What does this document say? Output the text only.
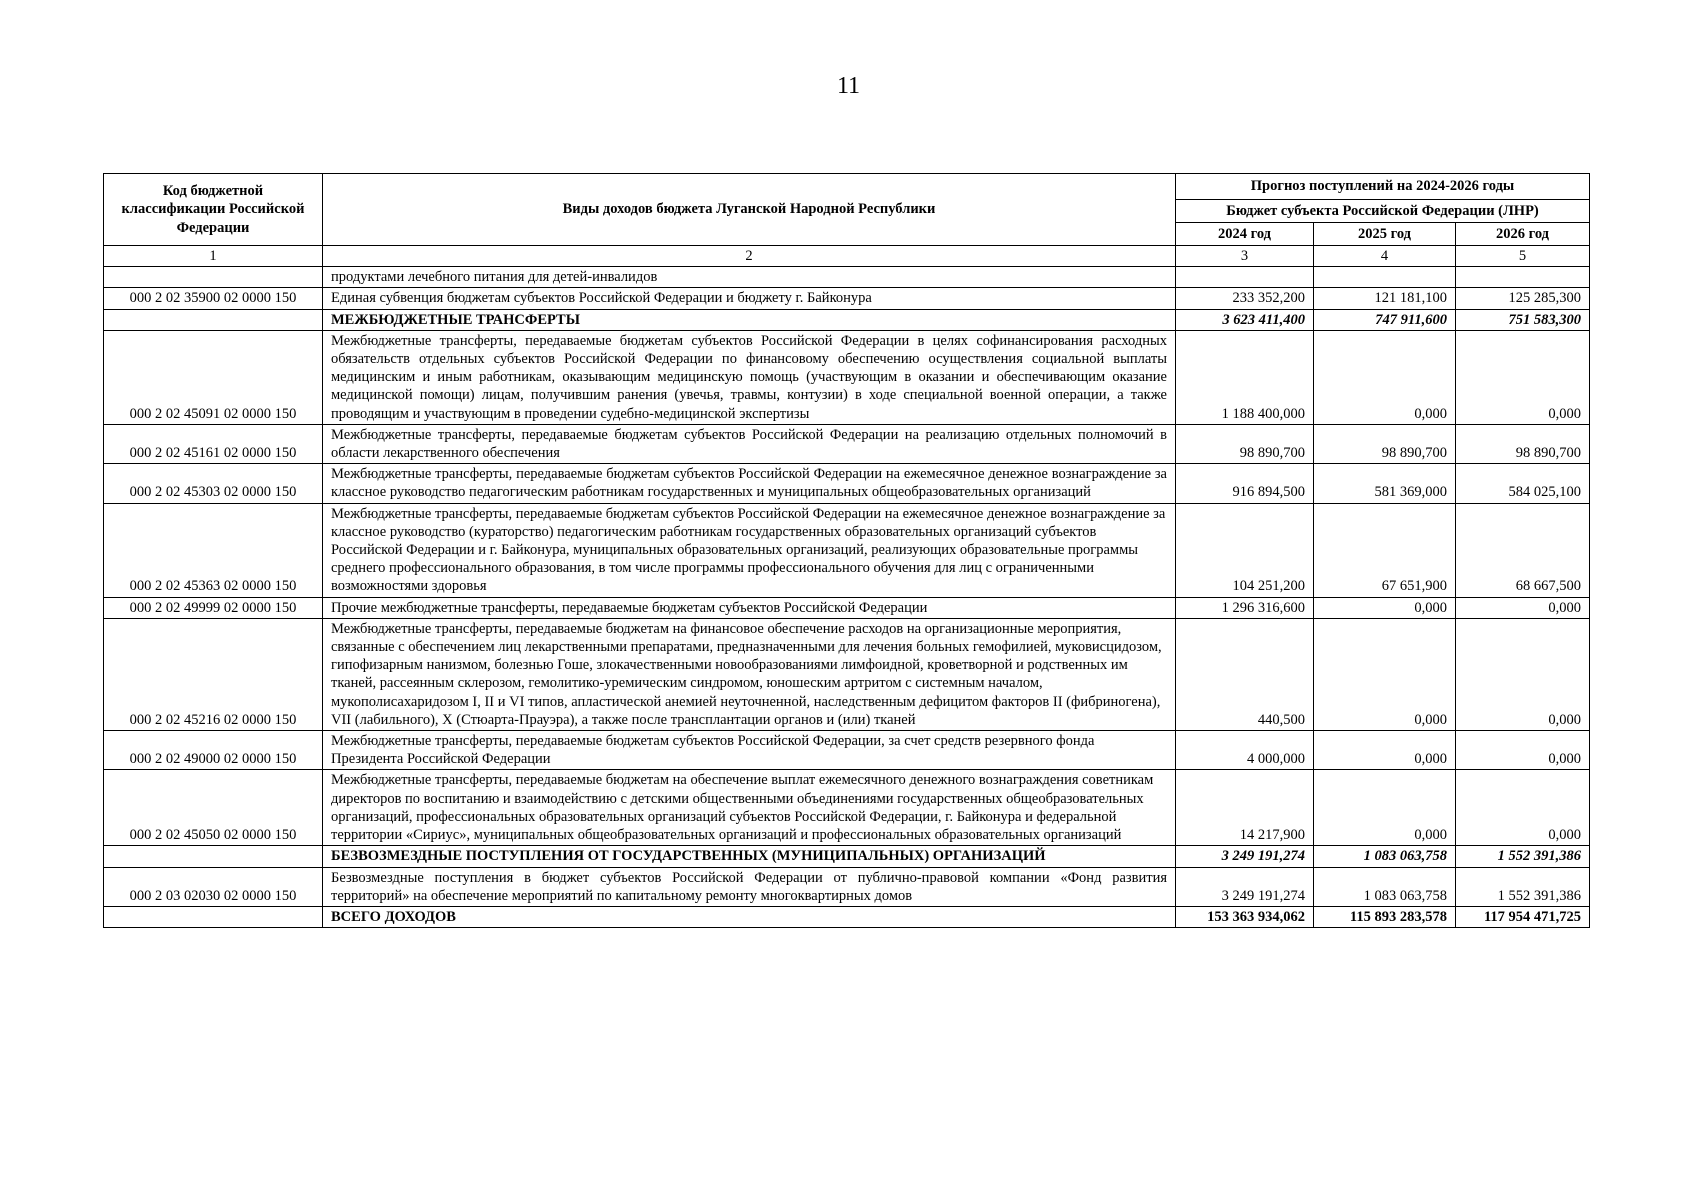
11
Код бюджетной классификации Российской Федерации	Виды доходов бюджета Луганской Народной Республики	Прогноз поступлений на 2024-2026 годы		
		Бюджет субъекта Российской Федерации (ЛНР)		
		2024 год	2025 год	2026 год
1	2	3	4	5
	продуктами лечебного питания для детей-инвалидов			
000 2 02 35900 02 0000 150	Единая субвенция бюджетам субъектов Российской Федерации и бюджету г. Байконура	233 352,200	121 181,100	125 285,300
	МЕЖБЮДЖЕТНЫЕ ТРАНСФЕРТЫ	3 623 411,400	747 911,600	751 583,300
000 2 02 45091 02 0000 150	Межбюджетные трансферты, передаваемые бюджетам субъектов Российской Федерации в целях софинансирования расходных обязательств отдельных субъектов Российской Федерации по финансовому обеспечению осуществления социальной выплаты медицинским и иным работникам, оказывающим медицинскую помощь (участвующим в оказании и обеспечивающим оказание медицинской помощи) лицам, получившим ранения (увечья, травмы, контузии) в ходе специальной военной операции, а также проводящим и участвующим в проведении судебно-медицинской экспертизы	1 188 400,000	0,000	0,000
000 2 02 45161 02 0000 150	Межбюджетные трансферты, передаваемые бюджетам субъектов Российской Федерации на реализацию отдельных полномочий в области лекарственного обеспечения	98 890,700	98 890,700	98 890,700
000 2 02 45303 02 0000 150	Межбюджетные трансферты, передаваемые бюджетам субъектов Российской Федерации на ежемесячное денежное вознаграждение за классное руководство педагогическим работникам государственных и муниципальных общеобразовательных организаций	916 894,500	581 369,000	584 025,100
000 2 02 45363 02 0000 150	Межбюджетные трансферты, передаваемые бюджетам субъектов Российской Федерации на ежемесячное денежное вознаграждение за классное руководство (кураторство) педагогическим работникам государственных образовательных организаций субъектов Российской Федерации и г. Байконура, муниципальных образовательных организаций, реализующих образовательные программы среднего профессионального образования, в том числе программы профессионального обучения для лиц с ограниченными возможностями здоровья	104 251,200	67 651,900	68 667,500
000 2 02 49999 02 0000 150	Прочие межбюджетные трансферты, передаваемые бюджетам субъектов Российской Федерации	1 296 316,600	0,000	0,000
000 2 02 45216 02 0000 150	Межбюджетные трансферты, передаваемые бюджетам на финансовое обеспечение расходов на организационные мероприятия, связанные с обеспечением лиц лекарственными препаратами, предназначенными для лечения больных гемофилией, муковисцидозом, гипофизарным нанизмом, болезнью Гоше, злокачественными новообразованиями лимфоидной, кроветворной и родственных им тканей, рассеянным склерозом, гемолитико-уремическим синдромом, юношеским артритом с системным началом, мукополисахаридозом I, II и VI типов, апластической анемией неуточненной, наследственным дефицитом факторов II (фибриногена), VII (лабильного), X (Стюарта-Прауэра), а также после трансплантации органов и (или) тканей	440,500	0,000	0,000
000 2 02 49000 02 0000 150	Межбюджетные трансферты, передаваемые бюджетам субъектов Российской Федерации, за счет средств резервного фонда Президента Российской Федерации	4 000,000	0,000	0,000
000 2 02 45050 02 0000 150	Межбюджетные трансферты, передаваемые бюджетам на обеспечение выплат ежемесячного денежного вознаграждения советникам директоров по воспитанию и взаимодействию с детскими общественными объединениями государственных общеобразовательных организаций, профессиональных образовательных организаций субъектов Российской Федерации, г. Байконура и федеральной территории «Сириус», муниципальных общеобразовательных организаций и профессиональных образовательных организаций	14 217,900	0,000	0,000
	БЕЗВОЗМЕЗДНЫЕ ПОСТУПЛЕНИЯ ОТ ГОСУДАРСТВЕННЫХ (МУНИЦИПАЛЬНЫХ) ОРГАНИЗАЦИЙ	3 249 191,274	1 083 063,758	1 552 391,386
000 2 03 02030 02 0000 150	Безвозмездные поступления в бюджет субъектов Российской Федерации от публично-правовой компании «Фонд развития территорий» на обеспечение мероприятий по капитальному ремонту многоквартирных домов	3 249 191,274	1 083 063,758	1 552 391,386
	ВСЕГО ДОХОДОВ	153 363 934,062	115 893 283,578	117 954 471,725
